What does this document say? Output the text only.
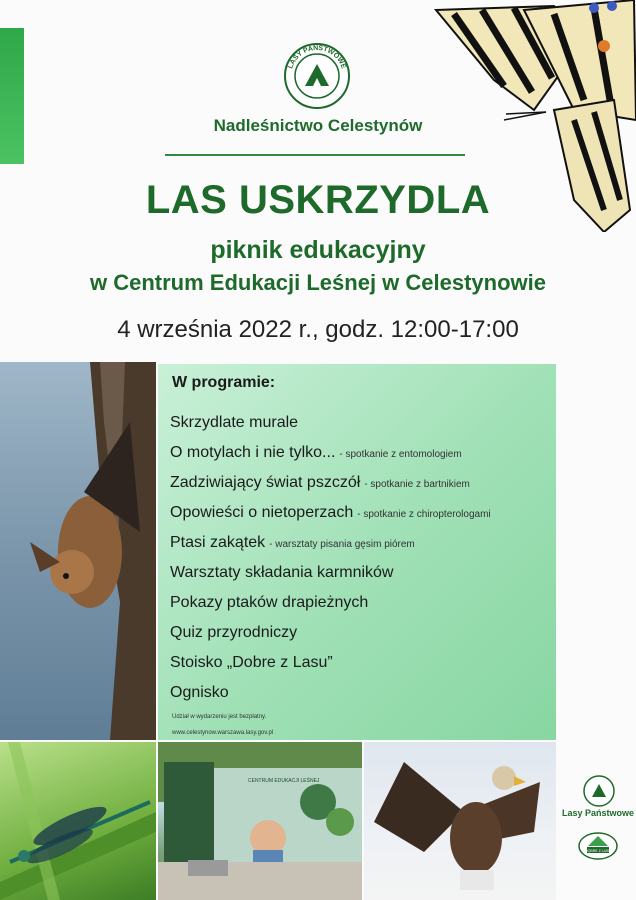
LASY PAŃSTWOWE
Nadleśnictwo Celestynów
LAS USKRZYDLA
piknik edukacyjny
w Centrum Edukacji Leśnej w Celestynowie
4 września 2022 r., godz. 12:00-17:00
W programie:
Skrzydlate murale
O motylach i nie tylko... - spotkanie z entomologiem
Zadziwiający świat pszczół - spotkanie z bartnikiem
Opowieści o nietoperzach - spotkanie z chiropterologami
Ptasi zakątek - warsztaty pisania gęsim piórem
Warsztaty składania karmników
Pokazy ptaków drapieżnych
Quiz przyrodniczy
Stoisko „Dobre z Lasu”
Ognisko
Udział w wydarzeniu jest bezpłatny.
www.celestynow.warszawa.lasy.gov.pl
CENTRUM EDUKACJI LEŚNEJ
Lasy Państwowe
DOBRE Z LASU
